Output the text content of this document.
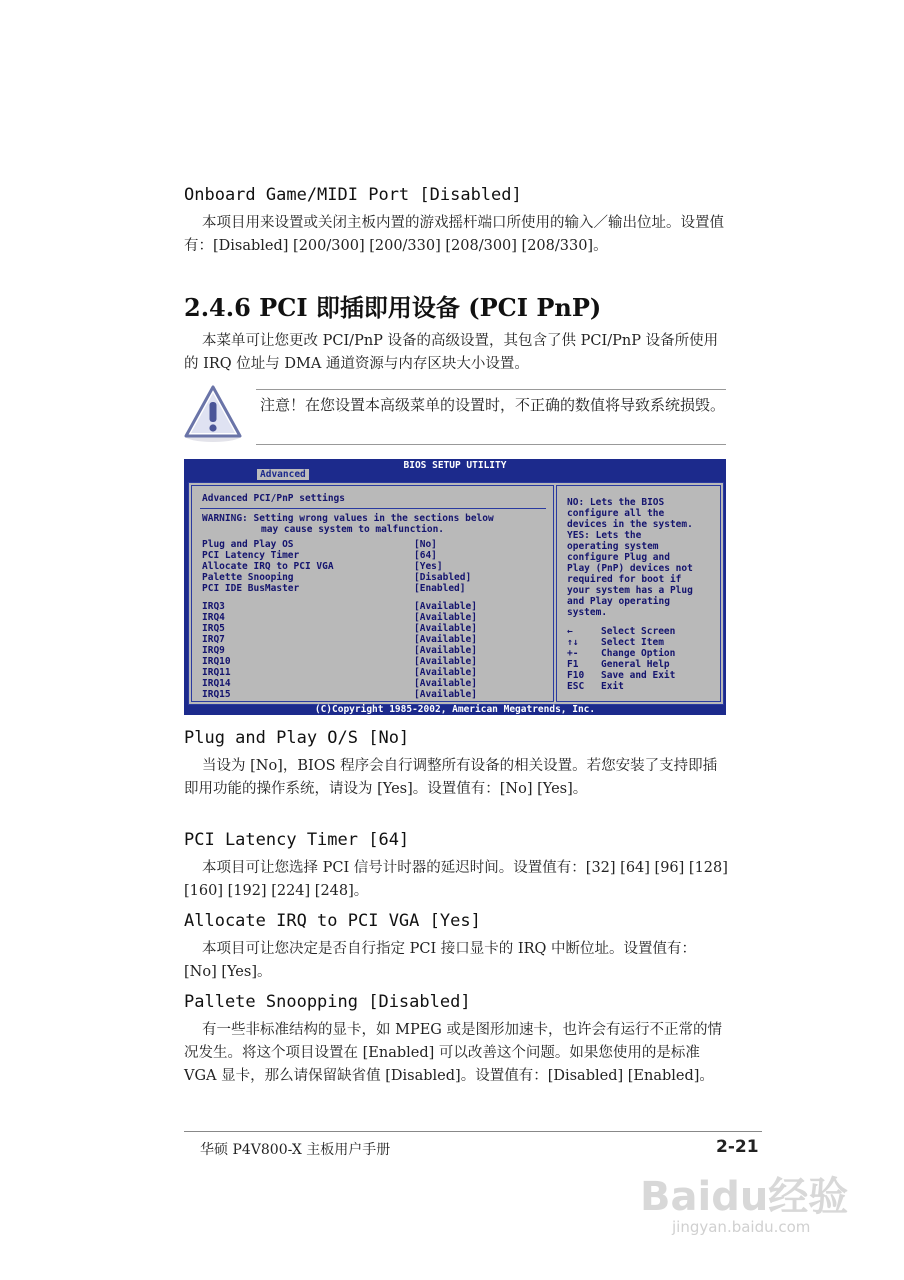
Onboard Game/MIDI Port [Disabled]
本项目用来设置或关闭主板内置的游戏摇杆端口所使用的输入／输出位址。设置值有：[Disabled] [200/300] [200/330] [208/300] [208/330]。
2.4.6 PCI 即插即用设备 (PCI PnP)
本菜单可让您更改 PCI/PnP 设备的高级设置，其包含了供 PCI/PnP 设备所使用的 IRQ 位址与 DMA 通道资源与内存区块大小设置。
注意！在您设置本高级菜单的设置时，不正确的数值将导致系统损毁。
BIOS SETUP UTILITY
Advanced
Advanced PCI/PnP settings
WARNING: Setting wrong values in the sections below
may cause system to malfunction.
Plug and Play OS	[No]
PCI Latency Timer	[64]
Allocate IRQ to PCI VGA	[Yes]
Palette Snooping	[Disabled]
PCI IDE BusMaster	[Enabled]
IRQ3	[Available]
IRQ4	[Available]
IRQ5	[Available]
IRQ7	[Available]
IRQ9	[Available]
IRQ10	[Available]
IRQ11	[Available]
IRQ14	[Available]
IRQ15	[Available]
NO: Lets the BIOS
configure all the
devices in the system.
YES: Lets the
operating system
configure Plug and
Play (PnP) devices not
required for boot if
your system has a Plug
and Play operating
system.
←	Select Screen
↑↓ Select Item
+- Change Option
F1 General Help
F10 Save and Exit
ESC Exit
(C)Copyright 1985-2002, American Megatrends, Inc.
Plug and Play O/S [No]
当设为 [No]，BIOS 程序会自行调整所有设备的相关设置。若您安装了支持即插即用功能的操作系统，请设为 [Yes]。设置值有：[No] [Yes]。
PCI Latency Timer [64]
本项目可让您选择 PCI 信号计时器的延迟时间。设置值有：[32] [64] [96] [128] [160] [192] [224] [248]。
Allocate IRQ to PCI VGA [Yes]
本项目可让您决定是否自行指定 PCI 接口显卡的 IRQ 中断位址。设置值有：[No] [Yes]。
Pallete Snoopping [Disabled]
有一些非标准结构的显卡，如 MPEG 或是图形加速卡，也许会有运行不正常的情况发生。将这个项目设置在 [Enabled] 可以改善这个问题。如果您使用的是标准 VGA 显卡，那么请保留缺省值 [Disabled]。设置值有：[Disabled] [Enabled]。
华硕 P4V800-X 主板用户手册	2-21
Baidu经验
jingyan.baidu.com
